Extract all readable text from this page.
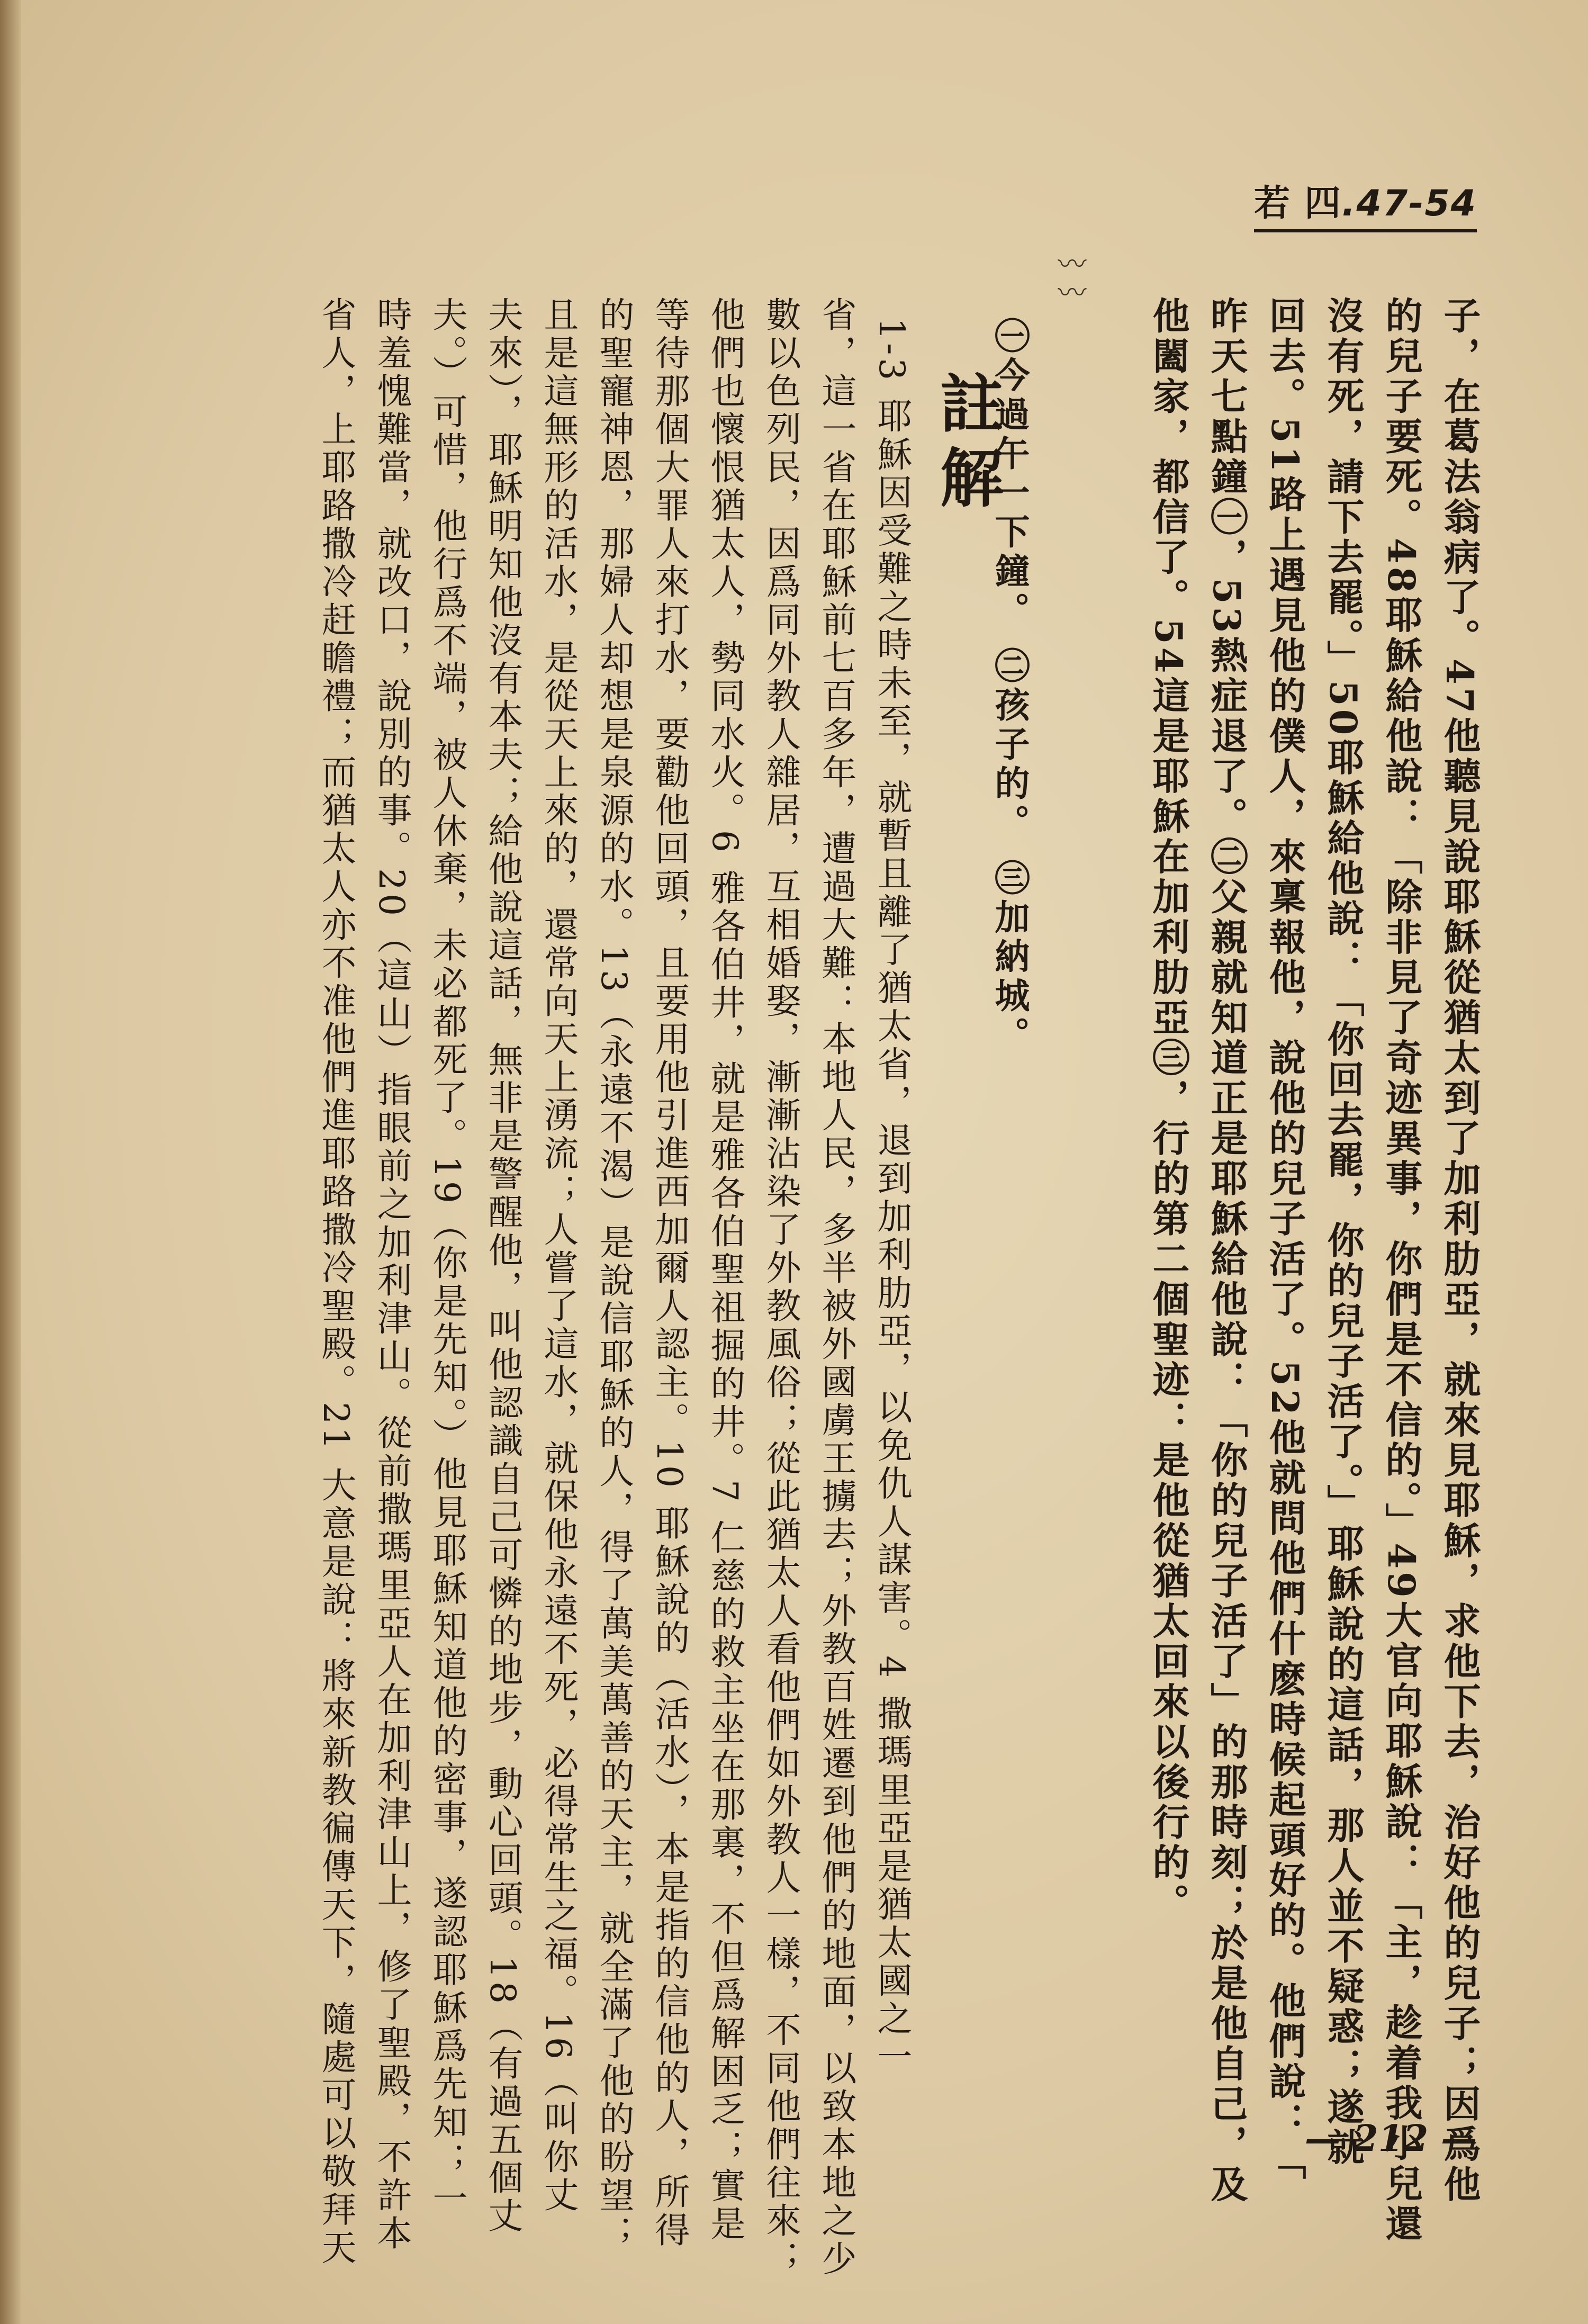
若 四.47-54
子，在葛法翁病了。47他聽見說耶穌從猶太到了加利肋亞，就來見耶穌，求他下去，治好他的兒子；因爲他
的兒子要死。48耶穌給他說：「除非見了奇迹異事，你們是不信的。」49大官向耶穌說：「主，趁着我小兒還
沒有死，請下去罷。」50耶穌給他說：「你回去罷，你的兒子活了。」耶穌說的這話，那人並不疑惑；遂就
回去。51路上遇見他的僕人，來稟報他，說他的兒子活了。52他就問他們什麽時候起頭好的。他們說：「
昨天七點鐘㊀，53熱症退了。㊁父親就知道正是耶穌給他說：「你的兒子活了」的那時刻；於是他自己，及
他闔家，都信了。54這是耶穌在加利肋亞㊂，行的第二個聖迹：是他從猶太回來以後行的。
〰〰
㊀今過午一下鐘。 ㊁孩子的。 ㊂加納城。
註解
1-3 耶穌因受難之時未至，就暫且離了猶太省，退到加利肋亞，以免仇人謀害。4 撒瑪里亞是猶太國之一
省，這一省在耶穌前七百多年，遭過大難：本地人民，多半被外國虜王擄去；外教百姓遷到他們的地面，以致本地之少
數以色列民，因爲同外教人雜居，互相婚娶，漸漸沾染了外教風俗；從此猶太人看他們如外教人一樣，不同他們往來；
他們也懷恨猶太人，勢同水火。6 雅各伯井，就是雅各伯聖祖掘的井。7 仁慈的救主坐在那裏，不但爲解困乏；實是
等待那個大罪人來打水，要勸他回頭，且要用他引進西加爾人認主。10 耶穌說的（活水），本是指的信他的人，所得
的聖寵神恩，那婦人却想是泉源的水。13（永遠不渴）是說信耶穌的人，得了萬美萬善的天主，就全滿了他的盼望；
且是這無形的活水，是從天上來的，還常向天上湧流；人嘗了這水，就保他永遠不死，必得常生之福。16（叫你丈
夫來），耶穌明知他沒有本夫；給他說這話，無非是警醒他，叫他認識自己可憐的地步，動心回頭。18（有過五個丈
夫。）可惜，他行爲不端，被人休棄，未必都死了。19（你是先知。）他見耶穌知道他的密事，遂認耶穌爲先知；一
時羞愧難當，就改口，說別的事。20（這山）指眼前之加利津山。從前撒瑪里亞人在加利津山上，修了聖殿，不許本
省人，上耶路撒冷赶瞻禮；而猶太人亦不准他們進耶路撒冷聖殿。21 大意是說：將來新教徧傳天下，隨處可以敬拜天	— 212 —
